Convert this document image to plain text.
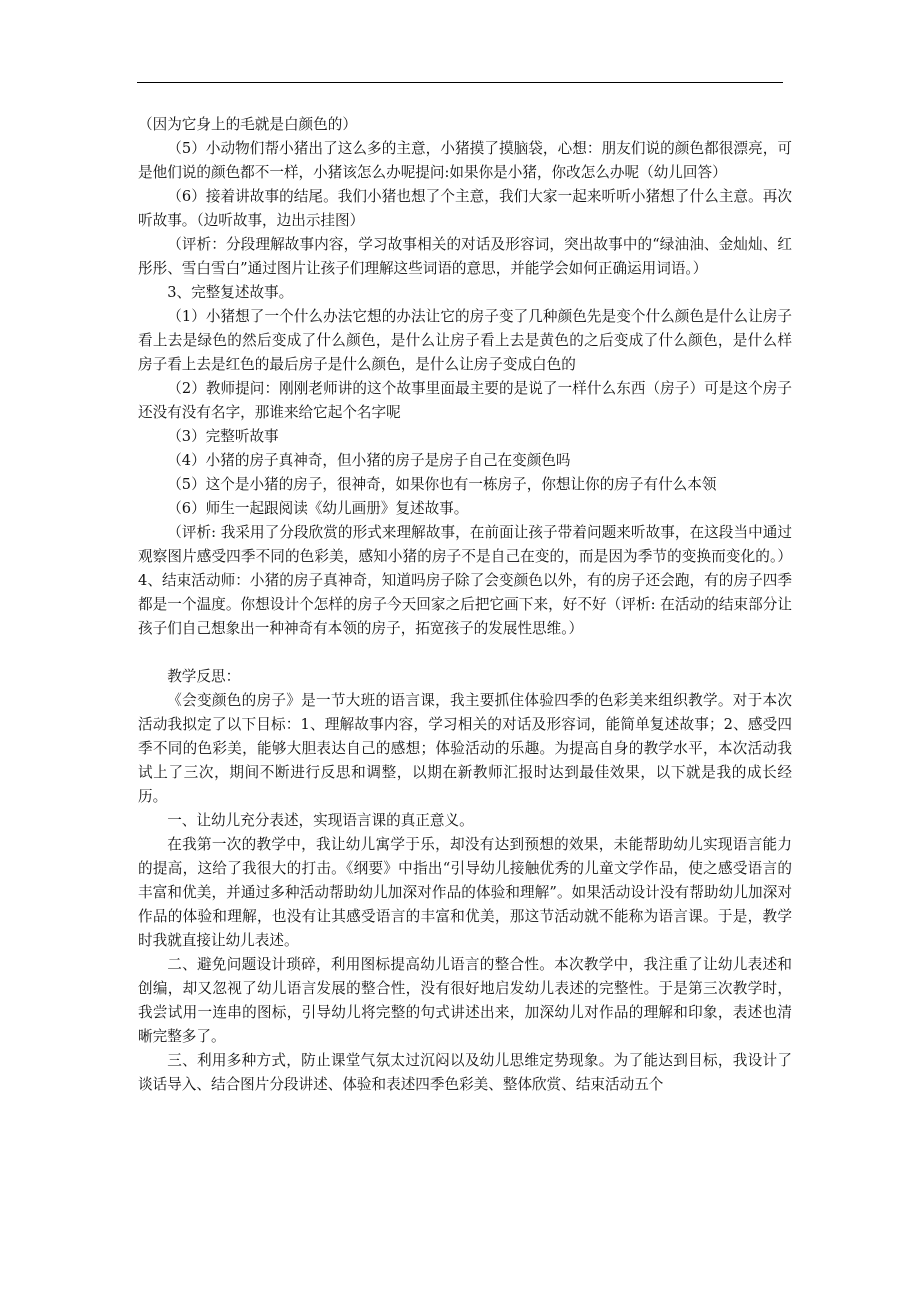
（因为它身上的毛就是白颜色的）

（5）小动物们帮小猪出了这么多的主意，小猪摸了摸脑袋，心想：朋友们说的颜色都很漂亮，可是他们说的颜色都不一样，小猪该怎么办呢提问:如果你是小猪，你改怎么办呢（幼儿回答）

（6）接着讲故事的结尾。我们小猪也想了个主意，我们大家一起来听听小猪想了什么主意。再次听故事。（边听故事，边出示挂图）

（评析：分段理解故事内容，学习故事相关的对话及形容词，突出故事中的“绿油油、金灿灿、红彤彤、雪白雪白”通过图片让孩子们理解这些词语的意思，并能学会如何正确运用词语。）

3、完整复述故事。

（1）小猪想了一个什么办法它想的办法让它的房子变了几种颜色先是变个什么颜色是什么让房子看上去是绿色的然后变成了什么颜色，是什么让房子看上去是黄色的之后变成了什么颜色，是什么样房子看上去是红色的最后房子是什么颜色，是什么让房子变成白色的

（2）教师提问：刚刚老师讲的这个故事里面最主要的是说了一样什么东西（房子）可是这个房子还没有没有名字，那谁来给它起个名字呢

（3）完整听故事

（4）小猪的房子真神奇，但小猪的房子是房子自己在变颜色吗

（5）这个是小猪的房子，很神奇，如果你也有一栋房子，你想让你的房子有什么本领

（6）师生一起跟阅读《幼儿画册》复述故事。

（评析: 我采用了分段欣赏的形式来理解故事，在前面让孩子带着问题来听故事，在这段当中通过观察图片感受四季不同的色彩美，感知小猪的房子不是自己在变的，而是因为季节的变换而变化的。）4、结束活动师：小猪的房子真神奇，知道吗房子除了会变颜色以外，有的房子还会跑，有的房子四季都是一个温度。你想设计个怎样的房子今天回家之后把它画下来，好不好（评析: 在活动的结束部分让孩子们自己想象出一种神奇有本领的房子，拓宽孩子的发展性思维。）

教学反思：

《会变颜色的房子》是一节大班的语言课，我主要抓住体验四季的色彩美来组织教学。对于本次活动我拟定了以下目标：1、理解故事内容，学习相关的对话及形容词，能简单复述故事；2、感受四季不同的色彩美，能够大胆表达自己的感想；体验活动的乐趣。为提高自身的教学水平，本次活动我试上了三次，期间不断进行反思和调整，以期在新教师汇报时达到最佳效果，以下就是我的成长经历。

一、让幼儿充分表述，实现语言课的真正意义。

在我第一次的教学中，我让幼儿寓学于乐，却没有达到预想的效果，未能帮助幼儿实现语言能力的提高，这给了我很大的打击。《纲要》中指出“引导幼儿接触优秀的儿童文学作品，使之感受语言的丰富和优美，并通过多种活动帮助幼儿加深对作品的体验和理解”。如果活动设计没有帮助幼儿加深对作品的体验和理解，也没有让其感受语言的丰富和优美，那这节活动就不能称为语言课。于是，教学时我就直接让幼儿表述。

二、避免问题设计琐碎，利用图标提高幼儿语言的整合性。本次教学中，我注重了让幼儿表述和创编，却又忽视了幼儿语言发展的整合性，没有很好地启发幼儿表述的完整性。于是第三次教学时，我尝试用一连串的图标，引导幼儿将完整的句式讲述出来，加深幼儿对作品的理解和印象，表述也清晰完整多了。

三、利用多种方式，防止课堂气氛太过沉闷以及幼儿思维定势现象。为了能达到目标，我设计了谈话导入、结合图片分段讲述、体验和表述四季色彩美、整体欣赏、结束活动五个
